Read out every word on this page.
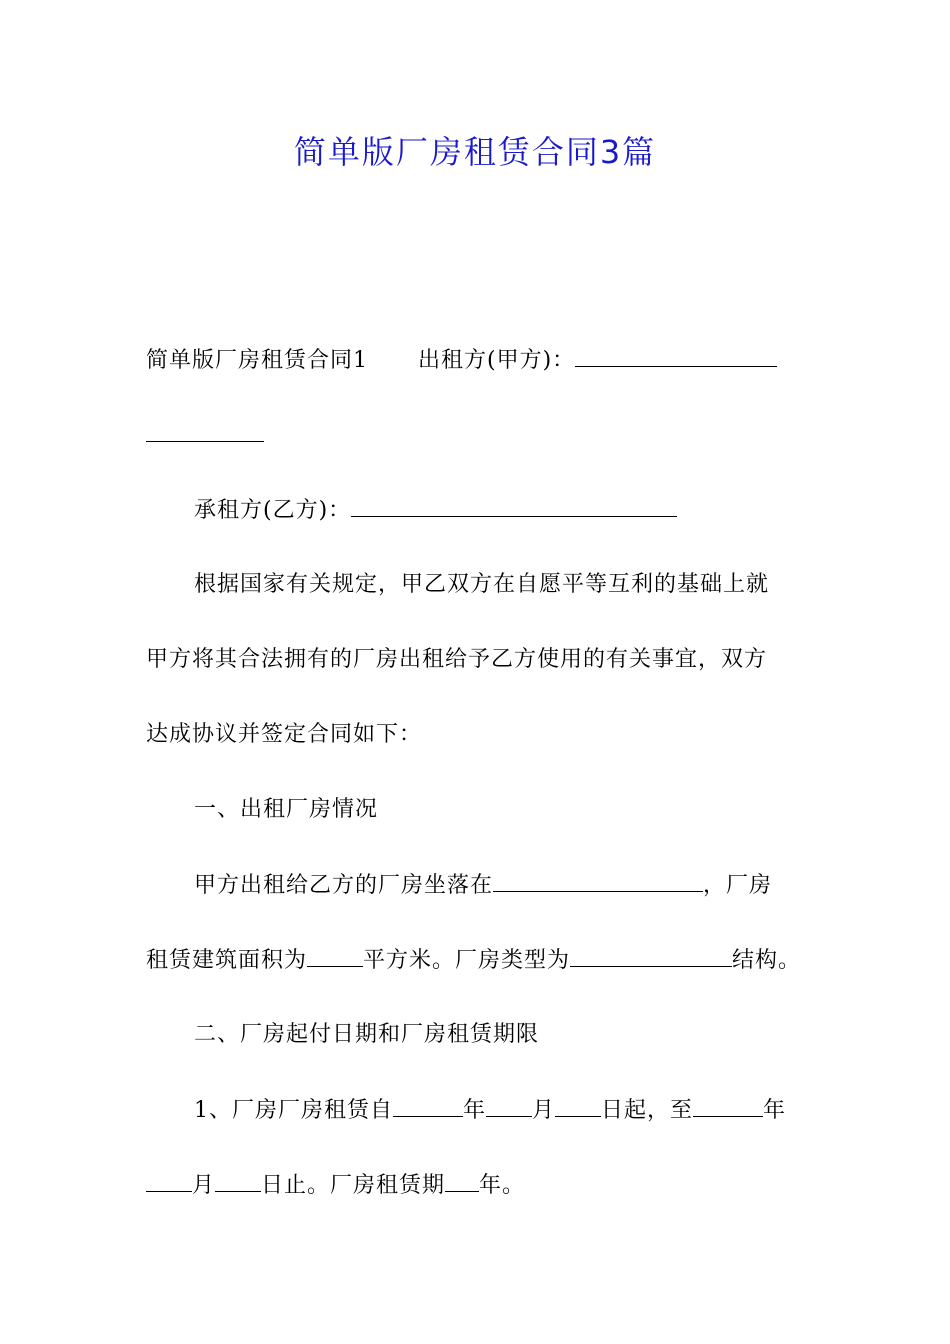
简单版厂房租赁合同3篇
简单版厂房租赁合同1 出租方(甲方)：
承租方(乙方)：
根据国家有关规定，甲乙双方在自愿平等互利的基础上就
甲方将其合法拥有的厂房出租给予乙方使用的有关事宜，双方
达成协议并签定合同如下：
一、出租厂房情况
甲方出租给乙方的厂房坐落在	，厂房
租赁建筑面积为	平方米。厂房类型为	结构。
二、厂房起付日期和厂房租赁期限
1、厂房厂房租赁自	年 月 日起，至	年
月 日止。厂房租赁期 年。
